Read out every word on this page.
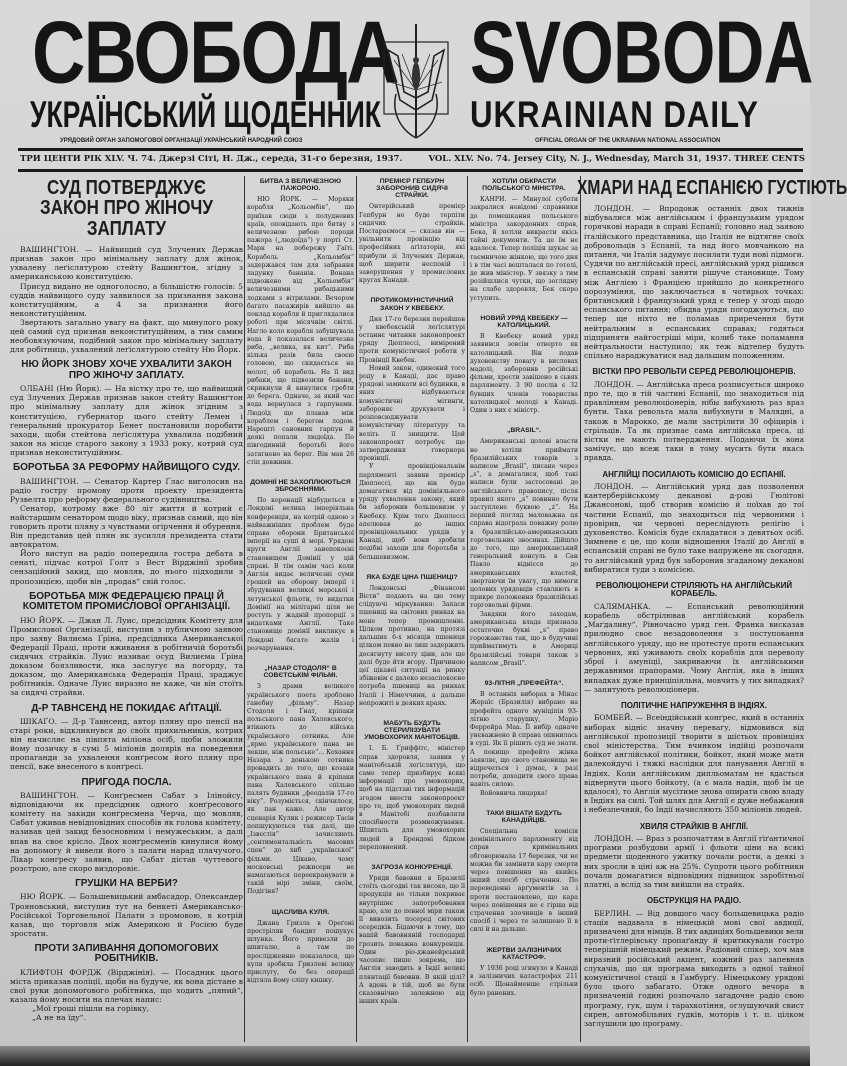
СВОБОДА SVOBODA
УКРАЇНСЬКИЙ ЩОДЕННИК	UKRAINIAN DAILY
УРЯДОВИЙ ОРГАН ЗАПОМОГОВОЇ ОРГАНІЗАЦІЇ УКРАЇНСЬКИЙ НАРОДНИЙ СОЮЗ	OFFICIAL ORGAN OF THE UKRAINIAN NATIONAL ASSOCIATION
ТРИ ЦЕНТИ РІК XLV. Ч. 74. Джерзі Сіті, Н. Дж., середа, 31-го березня, 1937.	VOL. XLV. No. 74. Jersey City, N. J., Wednesday, March 31, 1937. THREE CENTS
СУД ПОТВЕРДЖУЄ ЗАКОН ПРО ЖІНОЧУ ЗАПЛАТУ

ВАШИНҐТОН. — Найвищий суд Злучених Держав признав закон про мінімальну заплату для жінок, ухвалену леґіслятурою стейту Вашинґтон, згідну з американською конституцією.

Присуд видано не одноголосно, а більшістю голосів: 5 суддів найвищого суду заявилося за признання закона конституційним, а 4 за признання його неконституційним.

Звертають загально увагу на факт, що минулого року цей самий суд признав неконституційним, а тим самим необовязуючим, подібний закон про мінімальну заплату для робітниць, ухвалений леґіслятурою стейту Ню Йорк.

НЮ ЙОРК ЗНОВУ ХОЧЕ УХВАЛИТИ ЗАКОН ПРО ЖІНОЧУ ЗАПЛАТУ.

ОЛБАНІ (Ню Йорк). — На вістку про те, що найвищий суд Злучених Держав признав закон стейту Вашинґтон про мінімальну заплату для жінок згідним з конституцією, ґубернатор цього стейту Лемен і ґенеральний прокуратор Бенет постановили поробити заходи, щоби стейтова леґіслятура ухвалила подібний закон на місце старого закону з 1933 року, котрий суд признав неконституційним.

БОРОТЬБА ЗА РЕФОРМУ НАЙВИЩОГО СУДУ.

ВАШИНҐТОН. — Сенатор Картер Ґлас виголосив на радіо гостру промову проти проекту президента Рузвелта про реформу федерального судівництва.

Сенатор, котрому вже 80 літ життя й котрий є найстаршим сенатором щодо віку, признав самий, що він говорить проти пляну з чувствами огірчення й обурення. Він представив цей плян як зусилля президента стати автократом.

Його виступ на радіо попередила гостра дебата в сенаті, підчас котрої Голт з Вест Вірджінії зробив сензаційний закид, що мовляв, до нього підходили з пропозицією, щоби він „продав“ свій голос.

БОРОТЬБА МІЖ ФЕДЕРАЦІЄЮ ПРАЦІ Й КОМІТЕТОМ ПРОМИСЛОВОЇ ОРГАНІЗАЦІЇ.

НЮ ЙОРК. — Джан Л. Луис, предсідник Комітету для Промислової Організації, виступив з публичною заявою про заяву Вилиєма Ґріна, предсідника Американської Федерації Праці, проти вживання в робітничій боротьбі сидячих страйків. Луис називає осуд Вилиєма Ґріна доказом боязливости, яка заслугує на погорду, та доказом, що Американська Федерація Праці, зраджує робітників. Одначе Луис виразно не каже, чи він стоїть за сидячі страйки.

Д-Р ТАВНСЕНД НЕ ПОКИДАЄ АҐІТАЦІЇ.

ШІКАҐО. — Д-р Тавнсенд, автор пляну про пенсії на старі роки, відкликнувся до своїх прихильників, котрих він начисляє на півпята міліона осіб, щоби зложили йому позичку в сумі 5 міліонів долярів на поведення пропаганди за ухвалення конґресом його пляну про пенсії, вже внесеного в конґресі.

ПРИГОДА ПОСЛА.

ВАШИНҐТОН. — Конґресмен Сабат з Ілінойсу, відповідаючи як предсідник одного конґресового комітету на закиди конґресмена Черча, що мовляв, Сабат уживав невідповідних способів як голова комітету, називав цей закид безосновним і немужеським, а далі впав на своє крісло. Двох конґресменів кинулися йому на допомогу й вивели його з палати нарад плачучого. Лікар конґресу заявив, що Сабат дістав чуттевого розстрою, але скоро виздоровіє.

ГРУШКИ НА ВЕРБИ?

НЮ ЙОРК. — Большевицький амбасадор, Олександер Трояновський, виступив тут на бенкеті Американсько-Російської Торговельної Палати з промовою, в котрій казав, що торговля між Америкою й Росією буде зростати.

ПРОТИ ЗАПИВАННЯ ДОПОМОГОВИХ РОБІТНИКІВ.

КЛИФТОН ФОРДЖ (Вірджінія). — Посадник цього міста приказав поліції, щоби на будуче, як вона дістане в свої руки допомогового робітника, що ходить „пяний“, казала йому носити на плечах напис:

„Мої гроші пішли на горівку,

„А не на їду“.

БИТВА З ВЕЛИЧЕЗНОЮ ПАЖОРОЮ.

НЮ ЙОРК. — Моряки корабля „Кольомбія“, що приїхав сюди з полудневих країв, оповідають про битву з величезною рибою породи пажора („людоїда“) у порті Ст. Марк на побережу Гаїті. Корабель „Кольомбія“ задержався там для забрання ладунку бананів. Вонана підвожено від „Кольомбія“ величезними рибацькими лодками з вітрилами. Вечором багато пасажирів вийшло на поклад корабля й приглядалися роботі при місячнім світлі. Нагло коло корабля забушувала вода й показалася величезна риба, „велика, як кит“. Риба кілька разів била своєю головою, що скидається на молот, об корабель. На її вид рибаки, що підвозили банани, скрикнули й кинулися гребти до берега. Одначе, за який час вода вернулася з гарпунами. Людоїд ще плавав між кораблем і берегом лодом. Нарешті сановник гарпун й деякі попали людоїда. По півгодинній боротьбі його затягнено на берег. Він мав 26 стіп довжини.

ДОМІНІЇ НЕ ЗАХОПЛЮЮТЬСЯ ЗБРОЄННЯМИ.

По коронації відбудеться в Лондоні велика імперіяльна конференція, на котрій одною з найважніших проблем буде справа оборони Британської імперії на суші й морі. Урядові круги Англії занепокоєні становищем Домінії у цій справі. В тім самім часі коли Англія видає величезні суми грошей на оборону імперії і збудування великої морської і летунської фльоти, то видатки Домінії на мілітарні ціли не ростуть у жадній пропорції з видатками Англії. Таке становище домінії викликує в Лондоні багато жалів і розчарування.

„НАЗАР СТОДОЛЯ“ В СОВЄТСЬКІМ ФІЛЬМІ.

З драми великого українського поета зроблено ґанебну „фільму“. Назар Стодоля і Ґнат, кріпаки польського пана Халевського, втікають до війська українського сотника. Але „ярмо українського пана не лекше, ніж польське“... Кохання Назара з донькою сотника провадить до того, що козаки українського пана й кріпаки пана Халевського спільно палять будинки „феодалів 17-го віку“. Розуміється, скінчилося, як пан каже. Але автор сценарія Кулик і режисер Тасін попшукуються так далі, що „Ізвєстія“ зачисляють „сентиментальність масових сцен“ до хиб „української“ фільми. Цікаво, чому московські режисери не намагаються переекранувати в такій мірі зміни, своїм, Подігіня?

ЩАСЛИВА КУЛЯ.

Джана Ґризла в Ореґоні простріляв бандит пошукує шлунка. Його привезли до шпиталю, а там по прослідженню показалося, що куля зробила Ґризлеві велику прислугу, бо без операції відтяла йому сліпу кишку.

ПРЕМІЄР ГЕПБУРН ЗАБОРОНИВ СИДЯЧІ СТРАЙКИ.

Онтерійський премієр Гепбурн не буде терпіти сидячих страйків. Постараємося — сказав він — увільнити провінцію від професійних аґітаторів, які прибули зі Злучених Держав, щоб ширити неспокій і заворушення у промислових кругах Канади.

ПРОТИКОМУНІСТИЧНИЙ ЗАКОН У КВЕБЕКУ.

Дня 17-го березня перейшов у квебекській леґіслятурі останнє читання законопроект уряду Дюплессі, вимірений проти комуністичної роботи у Провінції Квебек.

Новий закон, одинокий того роду в Канаді, дає право урядові замикати всі будинки, в яких відбуваються комуністичні мітинґи, забороняє друкувати і розповсюджувати комуністичну літературу та веліть її знищити. Цей законопроект потребує ще затвердження ґовернора провінції.

У провінціональнім парляменті заявив премієр Дюплессі, що він буде домагатися від домініяльного уряду ухвалення закону, який би заборонив большевизм у Квебеку. Крім того Дюплессі апелював до інших провінціональних урядів у Канаді, щоб вони зробили подібні заходи для боротьби з большевизмом.

ЯКА БУДЕ ЦІНА ПШЕНИЦІ?

Лондонські „Фінансові Вісти“ подають на цю тему слідуючі міркування: Запаси пшениці на світових ринках на мене тепер промишленні. Цілком противно, на протязі дальших 6-х місяців пшениця цілком певно не лиш задержить досягнуту висоту ціни, але ще далі буде йти вгору. Причиною цеї цікавої ситуації на ринку збіжевім є далеко незаспокоєне потреба пшениці на ринках Італії і Німеччини, а дальше непрожиті в деяких краях.

МАБУТЬ БУДУТЬ СТЕРИЛІЗУВАТИ УМОВОХОРИХ МАНІТОБЦІВ.

І. Б. Ґриффітс, міністер справ здоровля, заявив у манітобській леґіслятурі, що саме тепер призбирує всякі інформації про умовохорих, щоб на підставі тих інформацій згодом внести законопроект про те, щоб умовохорих людей в Манітобі позбавляти спосібности розмножування. Шпиталь для умовохорих людей в Брендоні бідком переповнений.

ЗАГРОЗА КОНКУРЕНЦІЇ.

Уряди бавовни в Бразилії стоїть сьогодні так високо, що її продукція не тільки покриває внутрішнє запотребовання краю, але до певної міри також її вивозить посеред світових осередків. Бідаючи в тому, що вашій бавовняній господарці грозить поважна конкуренція. Один ріо-джанейрський часопис пише зокрема, що Англія заводить в Індії великі плянтації бавовни. В якій цілі? А вдень в тій, щоб не бути сказовнічно залежною від інших країв.

ХОТІЛИ ОБКРАСТИ ПОЛЬСЬКОГО МІНІСТРА.

КАНРИ. — Минулої суботи закралися невідомі справники до помешкання польського міністра закордонних справ, Бека, й хотіли викрасти якісь тайні документи. Та це їм не вдалося. Тепер поліція шукає за таємничою жінкою, що того дня і в тім часі вешталася по готелі, де жив міністер. У звязку з тим розійшлися чутки, що зоглядну на слабе здоровля, Бек скоро уступить.

НОВИЙ УРЯД КВЕБЕКУ — КАТОЛИЦЬКИЙ.

В Квебеку новий уряд заявився зовсім отверто як католицький. Він подав духовенству повагу в висловах мадолі, заборонив російські фільми, хрести завішено в сьвях парляменту. З 90 послів є 32 бувших членів товариства католицької молоді в Канаді. Один з них є міністр.

„BRASIL“.

Американські цолові власти не хотіли приймати бразилійських товарів з написом „Brasil“, писане через „s“, а домагалися, щоб такі написи були застосовані до англійського правопису, після правил якого „s“ повинно бути заступлене буквою „z“. На перший погляд маловажна ця справа відограла поважну ролю в бразилійсько-американських торговельних зносинах. Дійшло до того, що американський ґенеральний консуль в Сан Павло віднісся до американських властей, звертаючи їм увагу, що вимоги цолових урядовців ставляють в прикре положення бразилійські торговельні фірми.

Завдяки його заходам, американська влада признала остаточно букві „s“ право горожанства так, що в будучині прийматимуть в Америці бразилійські товари також з написом „Brasil“.

93-ЛІТНЯ „ПРЕФЕЙТА“.

В останніх виборах в Мінас Жераїс (Бразилія) вибрано на префейта одного муніціпія 93-літню старушку, Маріо Феррейра Маа. Її вибір одначе унєважнено й справа опинилась в суді. Як її рішить суд не знати. А покищо префейто жінка заявляє, що свого становища не відречеться і думає, в разі потреби, доходити свого права навіть силою.

Войовнича лицарка!

ТАКИ ВІШАТИ БУДУТЬ КАНАДІЙЦІВ.

Спеціяльна комісія домініяльного парляменту від справ кримінальних обговорювала 17 березня, чи не можна би замінити кару смерти через повішення на якийсь інший спосіб страчення. По переведенні арґументів за і проти постановлено, що кара через повішення не є гірша від страчення злочинців в інший спосіб і через те залишено її в силі й на дальше.

ЖЕРТВИ ЗАЛІЗНИЧИХ КАТАСТРОФ.

У 1936 році згинуло в Канаді в залізничих катастрофах 211 осіб. Щонайменше стрільки було ранених.

ХМАРИ НАД ЕСПАНІЄЮ ГУСТІЮТЬ

ЛОНДОН. — Впродовж останніх двох тижнів відбувалися між англійським і французьким урядом горячкові наради в справі Еспанії; головно над заявою італійського представника, що Італія не відтягне своїх добровольців з Еспанії, та над його мовчанкою на питання, чи Італія задумує посилати туди нові підмоги. Судячи по англійській пресі, англійський уряд рішився в еспанській справі заняти рішуче становище. Тому між Англією і Францією прийшло до конкретного порозуміння, що заключається в чотирьох точках: британський і французький уряд є тепер у згоді щодо еспанського питання; обидва уряди погоджуються, що тепер ще ніхто не поламав приречення бути нейтральним в еспанських справах; годяться підприняти найгостріші міри, колиб таке поламання нейтральности наступило; як теж відтепер будуть спільно нараджуватися над дальшим положенням.

ВІСТКИ ПРО РЕВОЛЬТИ СЕРЕД РЕВОЛЮЦІОНЕРІВ.

ЛОНДОН. — Англійська преса розписується широко про те, що в тій частині Еспанії, що знаходиться під правлінням революціонерів, нібы вибухають раз враз бунти. Така револьта мала вибухнути в Малядні, а також в Марокко, де мали застрілити 30 офіцирів і стрільців. Та як признає сама англійська преса, ці вістки не мають потвердження. Подаючи їх вона замічує, що всеж таки в тому мусить бути якась правда.

АНГЛІЙЦІ ПОСИЛАЮТЬ КОМІСІЮ ДО ЕСПАНІЇ.

ЛОНДОН. — Англійський уряд дав позволення кантерберійському деканові д-рові Гюлітові Джансонові, щоб створив комісію й поїхав до тої частини Еспанії, що знаходиться під червоними і провірив, чи червоні переслідують релігію і духовенство. Комісія буде складатися з девятьох осіб. Зимнене є це, що коли відношення Італії до Англії в еспанській справі не було таке напружене як сьогодня, то англійський уряд був заборонив згаданому деканові вибиратися туди з комісією.

РЕВОЛЮЦІОНЕРИ СТРІЛЯЮТЬ НА АНГЛІЙСЬКИЙ КОРАБЕЛЬ.

САЛЯМАНКА. — Еспанський революційний корабель обстрілював англійський корабель „Маґдалину“. Рівночасно уряд ген. Франка висказав прилюдно своє незадоволення з поступовання англійського уряду, що не протестує проти еспанських червоних, які уживають своїх кораблів для переволу зброї і амуніції, закриваючи їх англійськими державними прапорами. Чому Англія, яка в інших випадках дуже принціпіяльна, мовчить у тих випадках? — запитують революціонери.

ПОЛІТИЧНЕ НАПРУЖЕННЯ В ІНДІЯХ.

БОМБЕЙ. — Всеіндійський конґрес, який в останніх виборах відніс значну перевагу, відмовився від англійської пропозиції творити в шістьох провінціях свої міністерства. Тим вчинком індійці розпочали бойкот англійської політики, бойкот, який може мати далекойдучі і тяжкі наслідки для панування Англії в Індіях. Коли англійським дипльоматам не вдасться відвернути цього бойкоту, (а є мала надія, щоб їм це вдалося), то Англія мусітиме знова опирати свою владу в Індіях на силі. Той шлях для Англії є дуже небажаний і небезпечний, бо Індії начисляють 350 міліонів людей.

ХВИЛЯ СТРАЙКІВ В АНГЛІЇ.

ЛОНДОН. — Враз з розпочаттям в Англії ґіґантичної програми розбудови армії і фльоти ціни на всякі предмети щоденного ужитку почали рости, а деякі з них зросли в ціні аж на 25%. Супроти цього робітники почали домагатися відповідних підвищок заробітньої платні, а вслід за тим вийшли на страйк.

ОБСТРУКЦІЯ НА РАДІО.

БЕРЛИН. — Від довшого часу большевицька радіо стація надавала в німецькій мові свої авдиції, призначені для німців. В тих авдиціях большевики вели проти-ґітлерівську пропаґанду й критикували гостро теперішній німецький режим. Радіовий спікер, хоч мав виразний російський акцент, кожний раз запевняв слухачів, що ця програма виходить з одної тайної комуністичної стації в Гамбурґу. Німецькому урядові було цього забагато. Отже одного вечора в призначеній годині розпочало загадочне радіо свою програму, гук, шум і тарахкотіння, оглушуючий свист сирен, автомобільних гудків, моторів і т. п. цілком заглушили цю програму.
